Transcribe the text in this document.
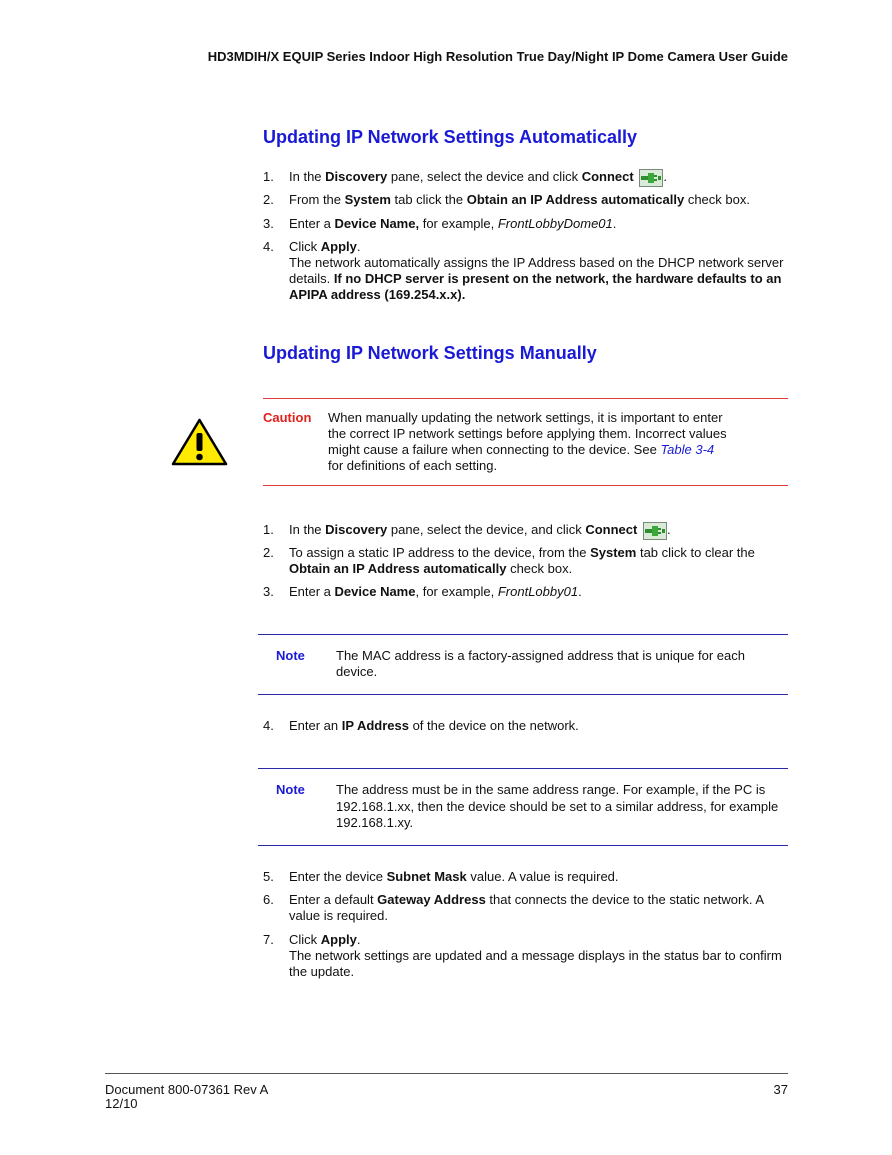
HD3MDIH/X EQUIP Series Indoor High Resolution True Day/Night IP Dome Camera User Guide
Updating IP Network Settings Automatically
1. In the Discovery pane, select the device and click Connect .
2. From the System tab click the Obtain an IP Address automatically check box.
3. Enter a Device Name, for example, FrontLobbyDome01.
4. Click Apply.
The network automatically assigns the IP Address based on the DHCP network server details. If no DHCP server is present on the network, the hardware defaults to an APIPA address (169.254.x.x).
Updating IP Network Settings Manually
Caution When manually updating the network settings, it is important to enter the correct IP network settings before applying them. Incorrect values might cause a failure when connecting to the device. See Table 3-4
for definitions of each setting.
1. In the Discovery pane, select the device, and click Connect .
2. To assign a static IP address to the device, from the System tab click to clear the Obtain an IP Address automatically check box.
3. Enter a Device Name, for example, FrontLobby01.
Note The MAC address is a factory-assigned address that is unique for each device.
4. Enter an IP Address of the device on the network.
Note The address must be in the same address range. For example, if the PC is 192.168.1.xx, then the device should be set to a similar address, for example 192.168.1.xy.
5. Enter the device Subnet Mask value. A value is required.
6. Enter a default Gateway Address that connects the device to the static network. A value is required.
7. Click Apply.
The network settings are updated and a message displays in the status bar to confirm the update.
Document 800-07361 Rev A
12/10
37
